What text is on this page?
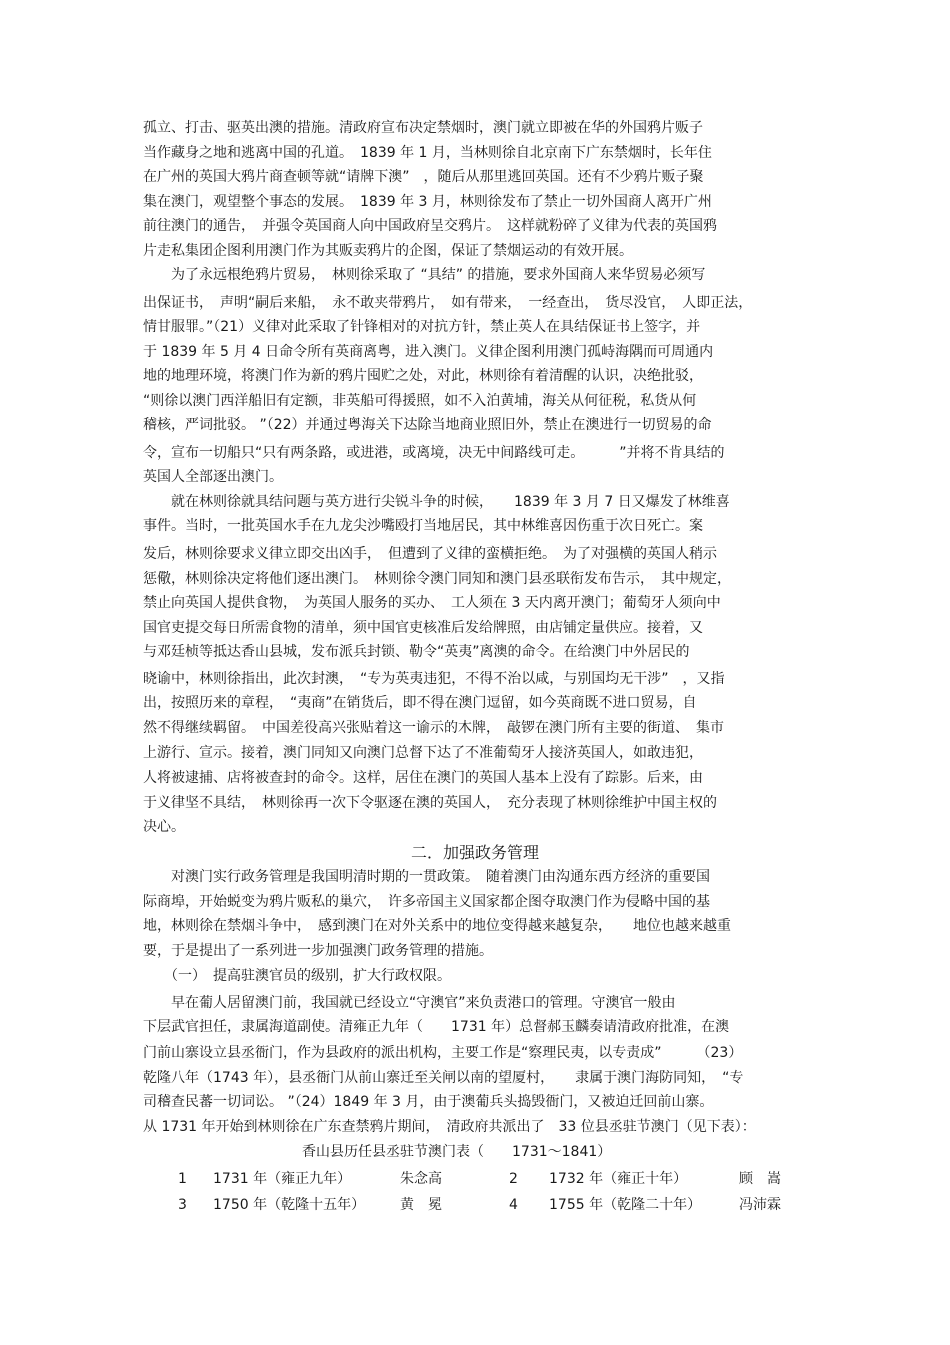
孤立、打击、驱英出澳的措施。清政府宣布决定禁烟时，澳门就立即被在华的外国鸦片贩子
当作藏身之地和逃离中国的孔道。　1839 年 1 月，当林则徐自北京南下广东禁烟时，长年住
在广州的英国大鸦片商查顿等就“请牌下澳”　，随后从那里逃回英国。还有不少鸦片贩子聚
集在澳门，观望整个事态的发展。　1839 年 3 月，林则徐发布了禁止一切外国商人离开广州
前往澳门的通告，　并强令英国商人向中国政府呈交鸦片。　这样就粉碎了义律为代表的英国鸦
片走私集团企图利用澳门作为其贩卖鸦片的企图，保证了禁烟运动的有效开展。
　　为了永远根绝鸦片贸易，　林则徐采取了 “具结” 的措施，要求外国商人来华贸易必须写
出保证书，　声明“嗣后来船，　永不敢夹带鸦片，　如有带来，　一经查出，　货尽没官，　人即正法，
情甘服罪。”（21）义律对此采取了针锋相对的对抗方针，禁止英人在具结保证书上签字，并
于 1839 年 5 月 4 日命令所有英商离粤，进入澳门。义律企图利用澳门孤峙海隅而可周通内
地的地理环境，将澳门作为新的鸦片囤贮之处，对此，林则徐有着清醒的认识，决绝批驳，
“则徐以澳门西洋船旧有定额，非英船可得援照，如不入泊黄埔，海关从何征税，私货从何
稽核，严词批驳。 ”（22）并通过粤海关下达除当地商业照旧外，禁止在澳进行一切贸易的命
令，宣布一切船只“只有两条路，或进港，或离境，决无中间路线可走。　　　”并将不肯具结的
英国人全部逐出澳门。
　　就在林则徐就具结问题与英方进行尖锐斗争的时候，　　1839 年 3 月 7 日又爆发了林维喜
事件。当时，一批英国水手在九龙尖沙嘴殴打当地居民，其中林维喜因伤重于次日死亡。案
发后，林则徐要求义律立即交出凶手，　但遭到了义律的蛮横拒绝。　为了对强横的英国人稍示
惩儆，林则徐决定将他们逐出澳门。　林则徐令澳门同知和澳门县丞联衔发布告示，　其中规定，
禁止向英国人提供食物，　为英国人服务的买办、　工人须在 3 天内离开澳门；葡萄牙人须向中
国官吏提交每日所需食物的清单，须中国官吏核准后发给牌照，由店铺定量供应。接着，又
与邓廷桢等抵达香山县城，发布派兵封锁、勒令“英夷”离澳的命令。在给澳门中外居民的
晓谕中，林则徐指出，此次封澳，　“专为英夷违犯，不得不治以咸，与别国均无干涉”　，又指
出，按照历来的章程，　“夷商”在销货后，即不得在澳门逗留，如今英商既不进口贸易，自
然不得继续羁留。　中国差役高兴张贴着这一谕示的木牌，　敲锣在澳门所有主要的街道、　集市
上游行、宣示。接着，澳门同知又向澳门总督下达了不准葡萄牙人接济英国人，如敢违犯，
人将被逮捕、店将被查封的命令。这样，居住在澳门的英国人基本上没有了踪影。后来，由
于义律坚不具结，　林则徐再一次下令驱逐在澳的英国人，　充分表现了林则徐维护中国主权的
决心。
二．加强政务管理
　　对澳门实行政务管理是我国明清时期的一贯政策。　随着澳门由沟通东西方经济的重要国
际商埠，开始蜕变为鸦片贩私的巢穴，　许多帝国主义国家都企图夺取澳门作为侵略中国的基
地，林则徐在禁烟斗争中，　感到澳门在对外关系中的地位变得越来越复杂，　　地位也越来越重
要，于是提出了一系列进一步加强澳门政务管理的措施。
　　（一）　提高驻澳官员的级别，扩大行政权限。
　　早在葡人居留澳门前，我国就已经设立“守澳官”来负责港口的管理。守澳官一般由
下层武官担任，隶属海道副使。清雍正九年（　　1731 年）总督郝玉麟奏请清政府批准，在澳
门前山寨设立县丞衙门，作为县政府的派出机构，主要工作是“察理民夷，以专责成”　　　（23）
乾隆八年（1743 年），县丞衙门从前山寨迁至关闸以南的望厦村，　　隶属于澳门海防同知，　“专
司稽查民蕃一切词讼。 ”（24）1849 年 3 月，由于澳葡兵头捣毁衙门，又被迫迁回前山寨。
从 1731 年开始到林则徐在广东查禁鸦片期间，　清政府共派出了　33 位县丞驻节澳门（见下表）：
香山县历任县丞驻节澳门表（　　1731～1841）
1 1731 年（雍正九年）	朱念高	2 1732 年（雍正十年）	顾　嵩
3 1750 年（乾隆十五年） 黄　冕	4 1755 年（乾隆二十年）	冯沛霖
